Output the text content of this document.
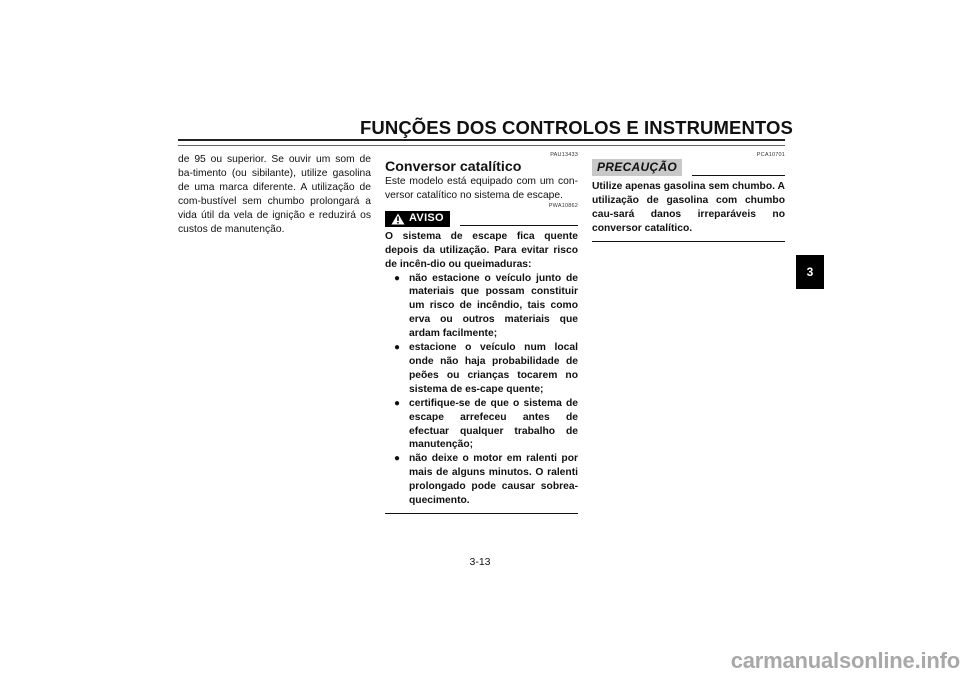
FUNÇÕES DOS CONTROLOS E INSTRUMENTOS

de 95 ou superior. Se ouvir um som de ba-timento (ou sibilante), utilize gasolina de uma marca diferente. A utilização de com-bustível sem chumbo prolongará a vida útil da vela de ignição e reduzirá os custos de manutenção.

PAU13433
Conversor catalítico

Este modelo está equipado com um con-versor catalítico no sistema de escape.

PWA10862
AVISO

O sistema de escape fica quente depois da utilização. Para evitar risco de incên-dio ou queimaduras:

● não estacione o veículo junto de materiais que possam constituir um risco de incêndio, tais como erva ou outros materiais que ardam facilmente;
● estacione o veículo num local onde não haja probabilidade de peões ou crianças tocarem no sistema de es-cape quente;
● certifique-se de que o sistema de escape arrefeceu antes de efectuar qualquer trabalho de manutenção;
● não deixe o motor em ralenti por mais de alguns minutos. O ralenti prolongado pode causar sobrea-quecimento.
PCA10701
PRECAUÇÃO

Utilize apenas gasolina sem chumbo. A utilização de gasolina com chumbo cau-sará danos irreparáveis no conversor catalítico.

3
3-13
carmanualsonline.info
